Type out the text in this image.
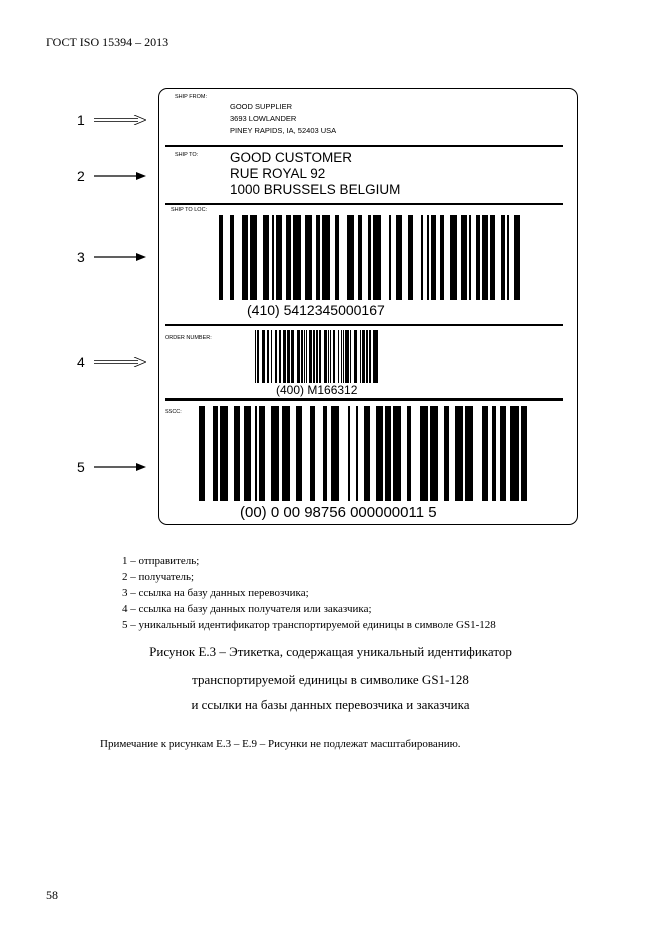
ГОСТ ISO 15394 – 2013
1
2
3
4
5
SHIP FROM:
GOOD SUPPLIER
3693 LOWLANDER
PINEY RAPIDS, IA, 52403 USA
SHIP TO: GOOD CUSTOMER
RUE ROYAL 92
1000 BRUSSELS BELGIUM
SHIP TO LOC:
(410) 5412345000167
ORDER NUMBER:
(400) M166312
SSCC:
(00) 0 00 98756 000000011 5
1 – отправитель;
2 – получатель;
3 – ссылка на базу данных перевозчика;
4 – ссылка на базу данных получателя или заказчика;
5 – уникальный идентификатор транспортируемой единицы в символе GS1-128
Рисунок Е.3 – Этикетка, содержащая уникальный идентификатор
транспортируемой единицы в символике GS1-128
и ссылки на базы данных перевозчика и заказчика
Примечание к рисункам Е.3 – Е.9 – Рисунки не подлежат масштабированию.
58
